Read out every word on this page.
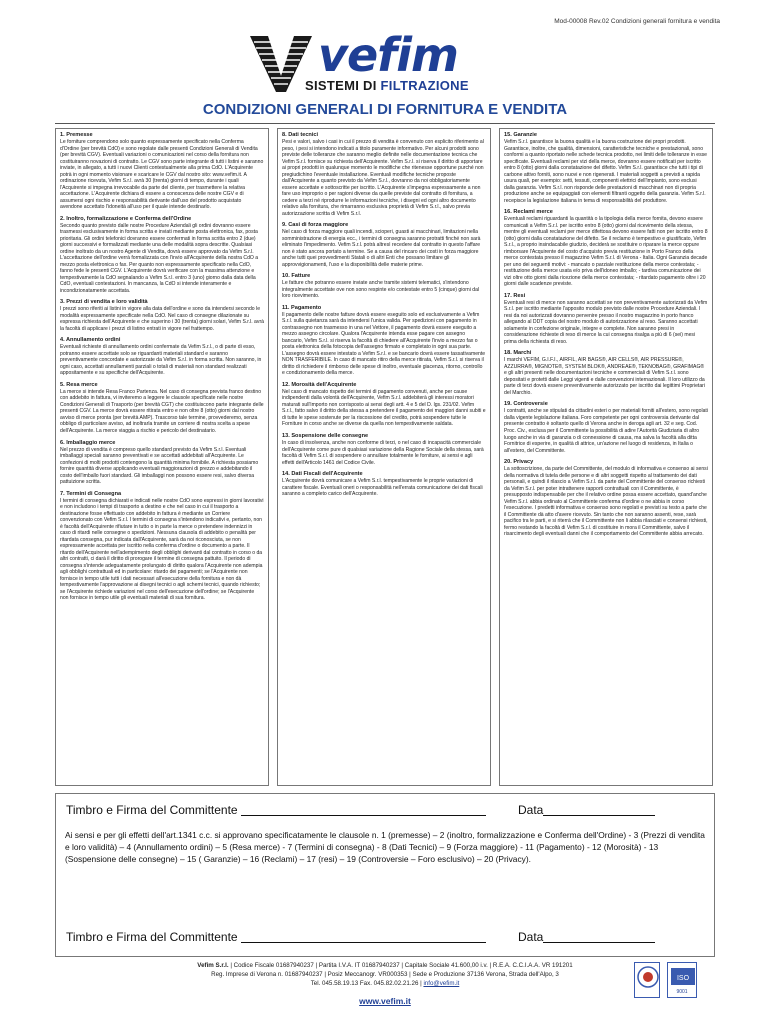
Mod-00008 Rev.02 Condizioni generali fornitura e vendita
vefim
SISTEMI DI FILTRAZIONE
CONDIZIONI GENERALI DI FORNITURA E VENDITA
1. Premesse

Le forniture comprendono solo quanto espressamente specificato nella Conferma d'Ordine (per brevità CdO) e sono regolate dalle presenti Condizioni Generali di Vendita (per brevità CGV). Eventuali variazioni o comunicazioni nel corso della fornitura non costituiranno novazioni di contratto. Le CGV sono parte integrante di tutti i listini e saranno inviate, in allegato, a tutti i nuovi Clienti contestualmente alla prima CdO. L'Acquirente potrà in ogni momento visionare e scaricare le CGV dal nostro sito: www.vefim.it. A ordinazione ricevuta, Vefim S.r.l. avrà 30 (trenta) giorni di tempo, durante i quali l'Acquirente si impegna irrevocabile da parte del cliente, per trasmettere la relativa accettazione. L'Acquirente dichiara di essere a conoscenza delle nostre CGV e di assumersi ogni rischio e responsabilità derivante dall'uso del prodotto acquistato avendone accettato l'idoneità all'uso per il quale intende destinarlo.

2. Inoltro, formalizzazione e Conferma dell'Ordine

Secondo quanto previsto dalle nostre Procedure Aziendali gli ordini dovranno essere trasmessi esclusivamente in forma scritta e inviati mediante posta elettronica, fax, posta prioritaria. Gli ordini telefonici dovranno essere confermati in forma scritta entro 2 (due) giorni successivi e formalizzati mediante una delle modalità sopra descritte. Qualsiasi ordine inoltrato da un nostro Agente di Vendita, dovrà essere approvato da Vefim S.r.l. L'accettazione dell'ordine verrà formalizzata con l'invio all'Acquirente della nostra CdO a mezzo posta elettronica o fax. Per quanto non espressamente specificato nella CdO, fanno fede le presenti CGV. L'Acquirente dovrà verificare con la massima attenzione e tempestivamente la CdO segnalando a Vefim S.r.l. entro 3 (uno) giorno dalla data della CdO, eventuali contestazioni. In mancanza, la CdO si intende interamente e incondizionatamente accettata.

3. Prezzi di vendita e loro validità

I prezzi sono riferiti ai listini in vigore alla data dell'ordine e sono da intendersi secondo le modalità espressamente specificate nella CdO. Nel caso di consegne dilazionate su espressa richiesta dell'Acquirente e che superino i 30 (trenta) giorni solari, Vefim S.r.l. avrà la facoltà di applicare i prezzi di listino entrati in vigore nel frattempo.

4. Annullamento ordini

Eventuali richieste di annullamento ordini confermate da Vefim S.r.l., o di parte di esso, potranno essere accettate solo se riguardanti materiali standard e saranno preventivamente concordate e autorizzate da Vefim S.r.l. in forma scritta. Non saranno, in ogni caso, accettati annullamenti parziali o totali di materiali non standard realizzati appositamente e su specifiche dell'Acquirente.

5. Resa merce

La merce si intende Resa Franco Partenza. Nel caso di consegna prevista franco destino con addebito in fattura, vi inviteremo a leggere le clausole specificate nelle nostre Condizioni Generali di Trasporto (per brevità CGT) che costituiscono parte integrante delle presenti CGV. La merce dovrà essere ritirata entro e non oltre 8 (otto) giorni dal nostro avviso di merce pronta (per brevità AMP). Trascorso tale termine, provvederemo, senza obbligo di particolare avviso, ad inoltrarla tramite un corriere di nostra scelta a spese dell'Acquirente. La merce viaggia a rischio e pericolo del destinatario.

6. Imballaggio merce

Nel prezzo di vendita è compreso quello standard previsto da Vefim S.r.l. Eventuali imballaggi speciali saranno preventivati e se accettati addebitati all'Acquirente. Le confezioni di molti prodotti contengono la quantità minima fornibile. A richiesta possiamo fornire quantità diverse applicando eventuali maggiorazioni di prezzo e addebitando il costo dell'imballo fuori standard. Gli imballaggi non possono essere resi, salvo diversa pattuizione scritta.

7. Termini di Consegna

I termini di consegna dichiarati e indicati nelle nostre CdO sono espressi in giorni lavorativi e non includono i tempi di trasporto a destino e che nel caso in cui il trasporto a destinazione fosse effettuato con addebito in fattura è mediante un Corriere convenzionato con Vefim S.r.l. I termini di consegna s'intendono indicativi e, pertanto, non è facoltà dell'Acquirente rifiutare in tutto o in parte la merce o pretendere indennizzi in caso di ritardi nelle consegne o spedizioni. Nessuna clausola di addebito o penalità per ritardata consegna, pur indicata dall'Acquirente, sarà da noi riconosciuta, se non espressamente accettata per iscritto nella conferma d'ordine o documento a parte. Il ritardo dell'Acquirente nell'adempimento degli obblighi derivanti dal contratto in corso o da altri contratti, ci darà il diritto di prorogare il termine di consegna pattuito. Il periodo di consegna s'intende adeguatamente prolungato di diritto qualora l'Acquirente non adempia agli obblighi contrattuali ed in particolare: ritardo dei pagamenti; se l'Acquirente non fornisce in tempo utile tutti i dati necessari all'esecuzione della fornitura e non dà tempestivamente l'approvazione ai disegni tecnici o agli schemi tecnici, quando richiesto; se l'Acquirente richiede variazioni nel corso dell'esecuzione dell'ordine; se l'Acquirente non fornisce in tempo utile gli eventuali materiali di sua fornitura.

8. Dati tecnici

Pesi e valori, salvo i casi in cui il prezzo di vendita è convenuto con esplicito riferimento al peso, i pesi si intendono indicati a titolo puramente informativo. Per alcuni prodotti sono previste delle tolleranze che saranno meglio definite nelle documentazione tecnica che Vefim S.r.l. fornisce su richiesta dell'Acquirente. Vefim S.r.l. si riserva il diritto di apportare ai propri prodotti in qualunque momento le modifiche che ritenesse opportune purché non pregiudichino l'eventuale installazione. Eventuali modifiche tecniche proposte dall'Acquirente a quanto previsto da Vefim S.r.l., dovranno da noi obbligatoriamente essere accettate e sottoscritte per iscritto. L'Acquirente s'impegna espressamente a non fare uso improprio o per ragioni diverse da quelle previste dal contratto di fornitura, a cedere a terzi né riprodurre le informazioni tecniche, i disegni ed ogni altro documento relativo alla fornitura, che rimarranno esclusiva proprietà di Vefim S.r.l., salvo previa autorizzazione scritta di Vefim S.r.l.

9. Casi di forza maggiore

Nel caso di forza maggiore quali incendi, scioperi, guasti ai macchinari, limitazioni nella somministrazione di energia ecc., i termini di consegna saranno protratti finché non sarà eliminato l'impedimento. Vefim S.r.l. potrà altresì recedere dal contratto in questo l'affare non è stato ancora portato a termine. Se a causa del rincaro dei costi in forza maggiore anche tutti quei provvedimenti Statali o di altri Enti che possano limitare gli approvvigionamenti, l'uso e la disponibilità delle materie prime.

10. Fatture

Le fatture che potranno essere inviate anche tramite sistemi telematici, s'intendono integralmente accettate ove non sono respinte e/o contestate entro 5 (cinque) giorni dal loro ricevimento.

11. Pagamento

Il pagamento delle nostre fatture dovrà essere eseguito solo ed esclusivamente a Vefim S.r.l. sulla quietanza sarà da intendersi l'unica valida. Per spedizioni con pagamento in contrassegno non trasmesso in una nel Vettore, il pagamento dovrà essere eseguito a mezzo assegno circolare. Qualora l'Acquirente intenda esse pagare con assegno bancario, Vefim S.r.l. si riserva la facoltà di chiedere all'Acquirente l'invio a mezzo fax o posta elettronica della fotocopia dell'assegno firmato e completato in ogni sua parte. L'assegno dovrà essere intestato a Vefim S.r.l. e se bancario dovrà essere tassativamente NON TRASFERIBILE. In caso di mancato ritiro della merce ritirata, Vefim S.r.l. si riserva il diritto di richiedere il rimborso delle spese di inoltro, eventuale giacenza, ritorno, controllo e condizionamento della merce.

12. Morosità dell'Acquirente

Nel caso di mancato rispetto dei termini di pagamento convenuti, anche per cause indipendenti dalla volontà dell'Acquirente, Vefim S.r.l. addebiterà gli interessi moratori maturati sull'importo non corrisposto ai sensi degli artt. 4 e 5 del D. lgs. 231/02. Vefim S.r.l., fatto salvo il diritto della stessa a pretendere il pagamento dei maggiori danni subiti e di tutte le spese sostenute per la riscossione del credito, potrà sospendere tutte le Forniture in corso anche se diverse da quella non tempestivamente saldata.

13. Sospensione delle consegne

In caso di insolvenza, anche non conforme di terzi, o nel caso di incapacità commerciale dell'Acquirente come pure di qualsiasi variazione della Ragione Sociale della stessa, sarà facoltà di Vefim S.r.l. di sospendere o annullare totalmente le forniture, ai sensi e agli effetti dell'Articolo 1461 del Codice Civile.

14. Dati Fiscali dell'Acquirente

L'Acquirente dovrà comunicare a Vefim S.r.l. tempestivamente le proprie variazioni di carattere fiscale. Eventuali oneri o responsabilità nell'errata comunicazione dei dati fiscali saranno a completo carico dell'Acquirente.

15. Garanzie

Vefim S.r.l. garantisce la buona qualità e la buona costruzione dei propri prodotti. Garantisce, inoltre, che qualità, dimensioni, caratteristiche tecniche e prestazionali, sono conformi a quanto riportato nelle schede tecnica prodotto, nei limiti delle tolleranze in esse specificate. Eventuali reclami per vizi della merce, dovranno essere notificati per iscritto entro 8 (otto) giorni dalla constatazione del difetto. Vefim S.r.l. garantisce che tutti i tipi di carbone attivo forniti, sono nuovi e non rigenerati. I materiali soggetti a previsti a rapida usura quali, per esempio: setti, tessuti, componenti elettrici dell'impianto, sono esclusi dalla garanzia. Vefim S.r.l. non risponde delle prestazioni di macchinari non di propria produzione anche se equipaggiati con elementi filtranti oggetto della garanzia. Vefim S.r.l. recepisce la legislazione italiana in tema di responsabilità del produttore.

16. Reclami merce

Eventuali reclami riguardanti la quantità o la tipologia della merce fornita, devono essere comunicati a Vefim S.r.l. per iscritto entro 8 (otto) giorni dal ricevimento della stessa, mentre gli eventuali reclami per merce difettosa devono essere fatti non per iscritto entro 8 (otto) giorni dalla constatazione del difetto. Se il reclamo è tempestivo e giustificato, Vefim S.r.l., a proprio insindacabile giudizio, deciderà se sostituire o riparare la merce oppure rimborsare l'Acquirente del costo d'acquisto previa restituzione in Porto Franco della merce contestata presso il magazzino Vefim S.r.l. di Verona - Italia. Ogni Garanzia decade per uno dei seguenti motivi: - mancato o parziale restituzione della merce contestata; - restituzione della merce usata e/o priva dell'idoneo imballo; - tardiva comunicazione dei vizi oltre otto giorni dalla ricezione della merce contestata; - ritardato pagamento oltre i 20 giorni dalle scadenze previste.

17. Resi

Eventuali resi di merce non saranno accettati se non preventivamente autorizzati da Vefim S.r.l. per iscritto mediante l'apposito modulo previsto dalle nostre Procedure Aziendali. I resi da noi autorizzati dovranno pervenire presso il nostro magazzino in porto franco allegando al DDT copia del nostro modulo di autorizzazione al reso. Saranno accettati solamente in confezione originale, integre e complete. Non saranno presi in considerazione richieste di reso di merce la cui consegna risalga a più di 6 (sei) mesi prima della richiesta di reso.

18. Marchi

I marchi VEFIM, G.I.F.I., AIRFIL, AIR BAGS®, AIR CELLS®, AIR PRESSURE®, AZZURRA®, MIGNOTE®, SYSTEM BLOK®, ANDREAE®, TEKNOBAG®, GRAFIMAG® e gli altri presenti nelle documentazioni tecniche e commerciali di Vefim S.r.l. sono depositati e protetti dalle Leggi vigenti e dalle convenzioni internazionali. Il loro utilizzo da parte di terzi dovrà essere preventivamente autorizzato per iscritto dai legittimi Proprietari del Marchio.

19. Controversie

I contratti, anche se stipulati da cittadini esteri o per materiali forniti all'estero, sono regolati dalla vigente legislazione italiana. Foro competente per ogni controversia derivante dal presente contratto è soltanto quello di Verona anche in deroga agli art. 32 e seg. Cod. Proc. Civ., esclusa per il Committente la possibilità di adire l'Autorità Giudiziaria di altro luogo anche in via di garanzia o di connessione di causa, ma salva la facoltà alla ditta Fornitrice di esperire, in qualità di attrice, un'azione nel luogo di residenza, in Italia o all'estero, del Committente.

20. Privacy

La sottoscrizione, da parte del Committente, del modulo di informativa e consenso ai sensi della normativa di tutela delle persone e di altri soggetti rispetto al trattamento dei dati personali, e quindi il rilascio a Vefim S.r.l. da parte del Committente del consenso richiesti da Vefim S.r.l. per poter intrattenere rapporti contrattuali con il Committente, è presupposto indispensabile per che il relativo ordine possa essere accettato, quand'anche Vefim S.r.l. abbia ordinato al Committente conferma d'ordine o ne abbia in corso l'esecuzione. I predetti informativa e consenso sono regolati e previsti su testo a parte che il Committente dà atto d'avere ricevuto. Sin tanto che non saranno assenti, rese, sarà pacifico tra le parti, e si riterrà che il Committente non li abbia rilasciati e consensi richiesti, fermo restando la facoltà di Vefim S.r.l. di costituire in mora il Committente, salvo il risarcimento degli eventuali danni che il comportamento del Committente abbia arrecato.

Timbro e Firma del Committente	Data
Timbro e Firma del Committente	Data
Ai sensi e per gli effetti dell'art.1341 c.c. si approvano specificatamente le clausole n. 1 (premesse) – 2 (inoltro, formalizzazione e Conferma dell'Ordine) - 3 (Prezzi di vendita e loro validità) – 4 (Annullamento ordini) – 5 (Resa merce) - 7 (Termini di consegna) - 8 (Dati Tecnici) – 9 (Forza maggiore) - 11 (Pagamento) - 12 (Morosità) - 13 (Sospensione delle consegne) – 15 ( Garanzie) – 16 (Reclami) – 17 (resi) – 19 (Controversie – Foro esclusivo) – 20 (Privacy).
Vefim S.r.l. | Codice Fiscale 01687940237 | Partita I.V.A. IT 01687940237 | Capitale Sociale 41.600,00 i.v. | R.E.A. C.C.I.A.A. VR 191201
Reg. Imprese di Verona n. 01687940237 | Posiz Meccanogr. VR000353 | Sede e Produzione 37136 Verona, Strada dell'Alpo, 3
Tel. 045.58.19.13 Fax. 045.82.02.21.26 | info@vefim.it
www.vefim.it
ISO
9001
